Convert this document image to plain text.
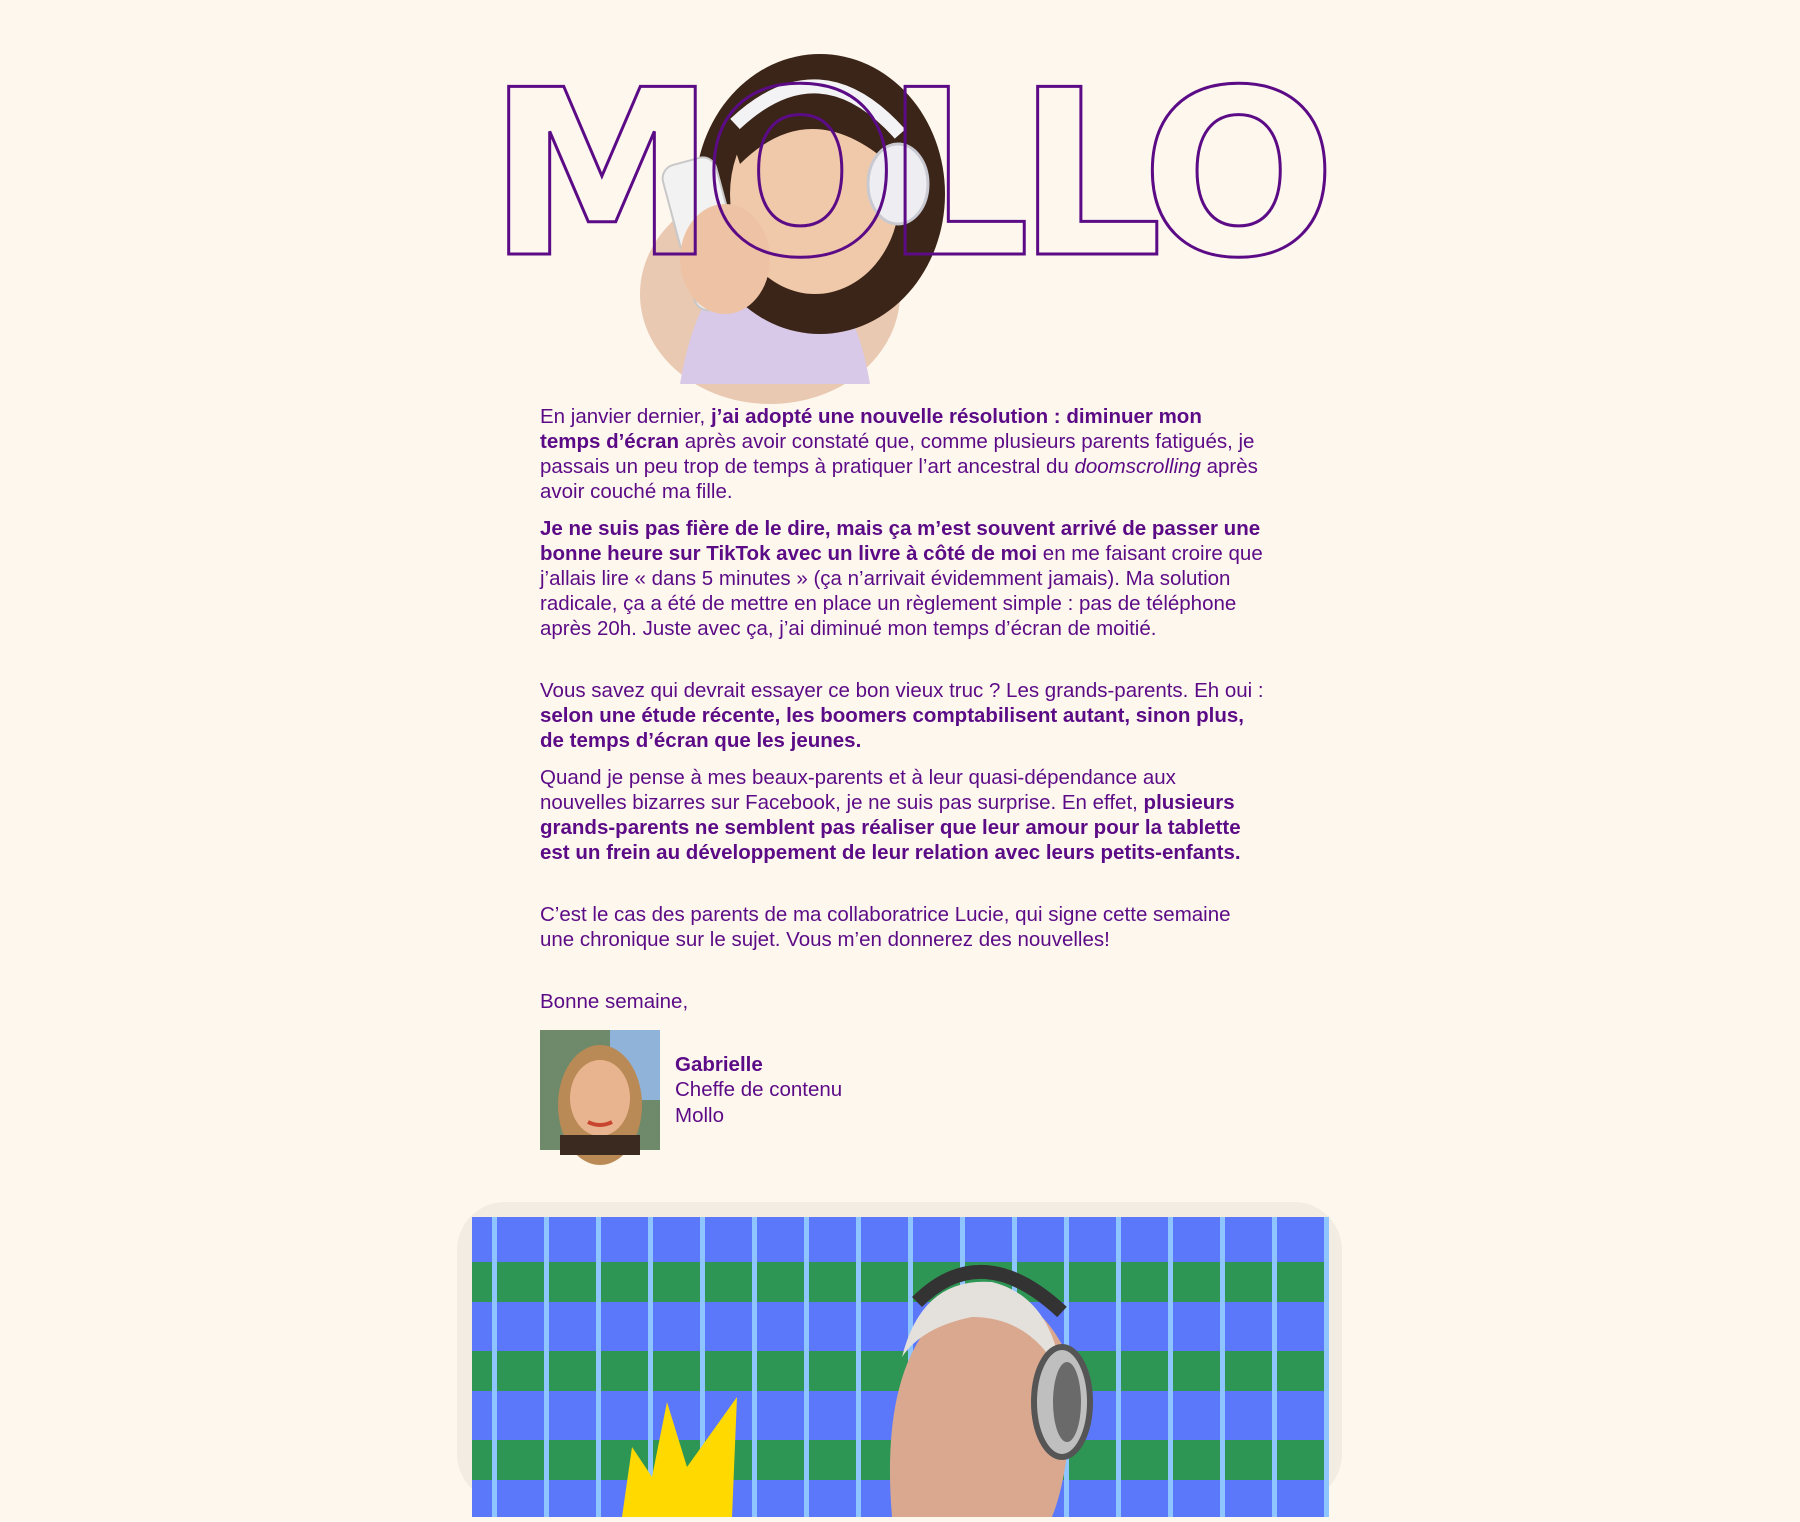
MOLLO

En janvier dernier, j’ai adopté une nouvelle résolution : diminuer mon temps d’écran après avoir constaté que, comme plusieurs parents fatigués, je passais un peu trop de temps à pratiquer l’art ancestral du doomscrolling après avoir couché ma fille.

Je ne suis pas fière de le dire, mais ça m’est souvent arrivé de passer une bonne heure sur TikTok avec un livre à côté de moi en me faisant croire que j’allais lire « dans 5 minutes » (ça n’arrivait évidemment jamais). Ma solution radicale, ça a été de mettre en place un règlement simple : pas de téléphone après 20h. Juste avec ça, j’ai diminué mon temps d’écran de moitié.

Vous savez qui devrait essayer ce bon vieux truc ? Les grands-parents. Eh oui : selon une étude récente, les boomers comptabilisent autant, sinon plus, de temps d’écran que les jeunes.

Quand je pense à mes beaux-parents et à leur quasi-dépendance aux nouvelles bizarres sur Facebook, je ne suis pas surprise. En effet, plusieurs grands-parents ne semblent pas réaliser que leur amour pour la tablette est un frein au développement de leur relation avec leurs petits-enfants.

C’est le cas des parents de ma collaboratrice Lucie, qui signe cette semaine une chronique sur le sujet. Vous m’en donnerez des nouvelles!

Bonne semaine,

Gabrielle
Cheffe de contenu
Mollo
